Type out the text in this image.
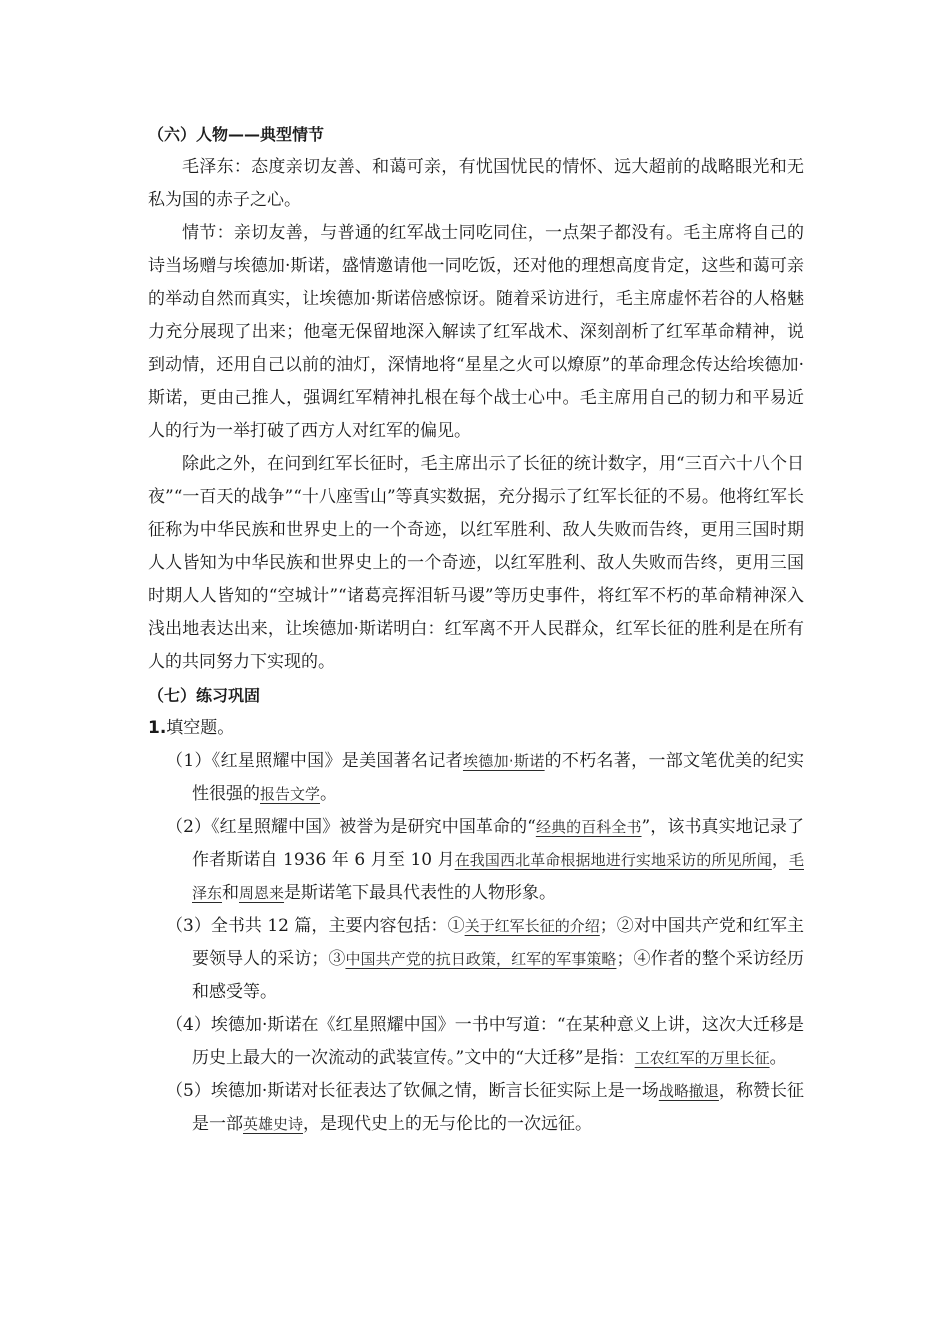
（六）人物——典型情节

毛泽东：态度亲切友善、和蔼可亲，有忧国忧民的情怀、远大超前的战略眼光和无私为国的赤子之心。

情节：亲切友善，与普通的红军战士同吃同住，一点架子都没有。毛主席将自己的诗当场赠与埃德加·斯诺，盛情邀请他一同吃饭，还对他的理想高度肯定，这些和蔼可亲的举动自然而真实，让埃德加·斯诺倍感惊讶。随着采访进行，毛主席虚怀若谷的人格魅力充分展现了出来；他毫无保留地深入解读了红军战术、深刻剖析了红军革命精神，说到动情，还用自己以前的油灯，深情地将“星星之火可以燎原”的革命理念传达给埃德加·斯诺，更由己推人，强调红军精神扎根在每个战士心中。毛主席用自己的韧力和平易近人的行为一举打破了西方人对红军的偏见。

除此之外，在问到红军长征时，毛主席出示了长征的统计数字，用“三百六十八个日夜”“一百天的战争”“十八座雪山”等真实数据，充分揭示了红军长征的不易。他将红军长征称为中华民族和世界史上的一个奇迹，以红军胜利、敌人失败而告终，更用三国时期人人皆知为中华民族和世界史上的一个奇迹，以红军胜利、敌人失败而告终，更用三国时期人人皆知的“空城计”“诸葛亮挥泪斩马谡”等历史事件，将红军不朽的革命精神深入浅出地表达出来，让埃德加·斯诺明白：红军离不开人民群众，红军长征的胜利是在所有人的共同努力下实现的。

（七）练习巩固

1.填空题。

（1）《红星照耀中国》是美国著名记者埃德加·斯诺的不朽名著，一部文笔优美的纪实性很强的报告文学。

（2）《红星照耀中国》被誉为是研究中国革命的“经典的百科全书”，该书真实地记录了作者斯诺自 1936 年 6 月至 10 月在我国西北革命根据地进行实地采访的所见所闻，毛泽东和周恩来是斯诺笔下最具代表性的人物形象。

（3）全书共 12 篇，主要内容包括：①关于红军长征的介绍；②对中国共产党和红军主要领导人的采访；③中国共产党的抗日政策，红军的军事策略；④作者的整个采访经历和感受等。

（4）埃德加·斯诺在《红星照耀中国》一书中写道：“在某种意义上讲，这次大迁移是历史上最大的一次流动的武装宣传。”文中的“大迁移”是指：工农红军的万里长征。

（5）埃德加·斯诺对长征表达了钦佩之情，断言长征实际上是一场战略撤退，称赞长征是一部英雄史诗，是现代史上的无与伦比的一次远征。
